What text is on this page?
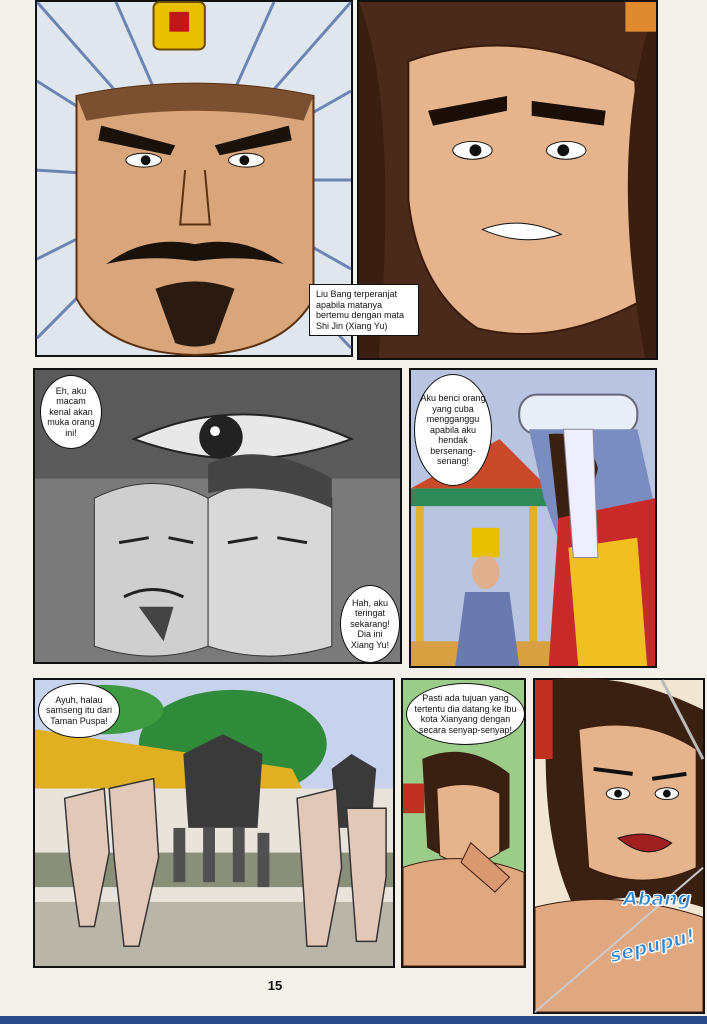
Liu Bang terperanjat apabila matanya bertemu dengan mata Shi Jin (Xiang Yu)
Eh, aku macam kenal akan muka orang ini!
Hah, aku teringat sekarang! Dia ini Xiang Yu!
Aku benci orang yang cuba mengganggu apabila aku hendak bersenang-senang!
Ayuh, halau samseng itu dari Taman Puspa!
Pasti ada tujuan yang tertentu dia datang ke Ibu kota Xianyang dengan secara senyap-senyap!
Abang
sepupu!
15
